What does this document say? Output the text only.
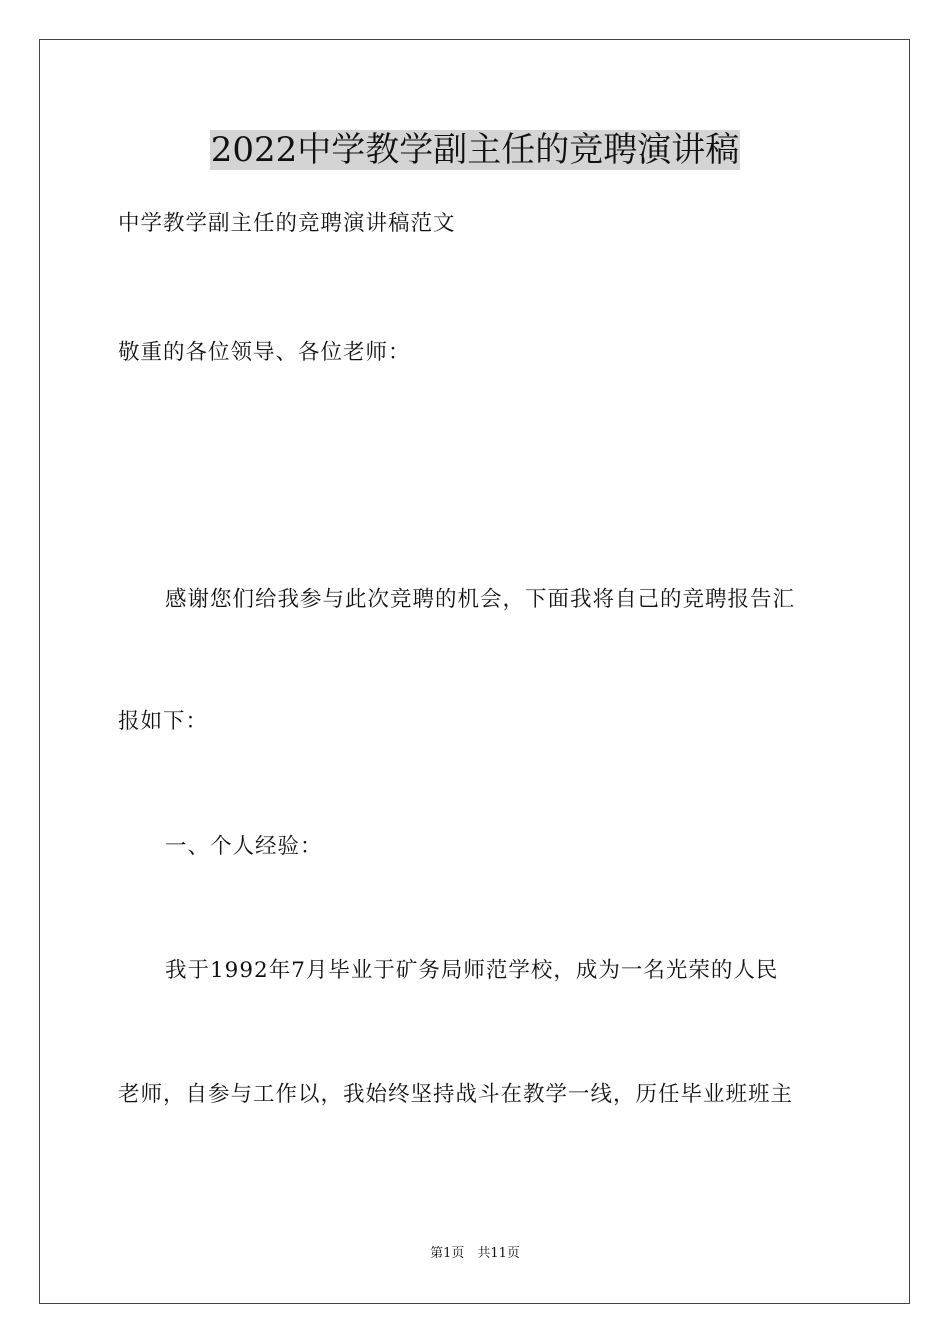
2022中学教学副主任的竞聘演讲稿
中学教学副主任的竞聘演讲稿范文
敬重的各位领导、各位老师：
感谢您们给我参与此次竞聘的机会，下面我将自己的竞聘报告汇
报如下：
一、个人经验：
我于1992年7月毕业于矿务局师范学校，成为一名光荣的人民
老师，自参与工作以，我始终坚持战斗在教学一线，历任毕业班班主
第1页　共11页
